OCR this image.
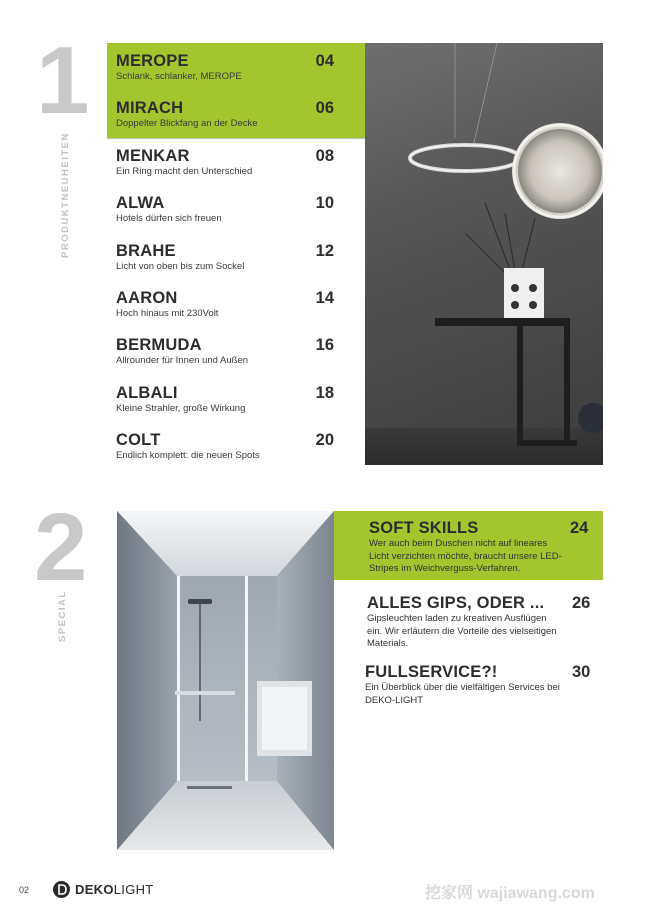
1
PRODUKTNEUHEITEN
MEROPE	04
Schlank, schlanker, MEROPE
MIRACH	06
Doppelter Blickfang an der Decke
MENKAR	08
Ein Ring macht den Unterschied
ALWA	10
Hotels dürfen sich freuen
BRAHE	12
Licht von oben bis zum Sockel
AARON	14
Hoch hinaus mit 230Volt
BERMUDA	16
Allrounder für Innen und Außen
ALBALI	18
Kleine Strahler, große Wirkung
COLT	20
Endlich komplett: die neuen Spots
2
SPECIAL
SOFT SKILLS	24
Wer auch beim Duschen nicht auf lineares
Licht verzichten möchte, braucht unsere LED-
Stripes im Weichverguss-Verfahren.
ALLES GIPS, ODER ... 26
Gipsleuchten laden zu kreativen Ausflügen
ein. Wir erläutern die Vorteile des vielseitigen
Materials.
FULLSERVICE?!	30
Ein Überblick über die vielfältigen Services bei
DEKO-LIGHT
02	DEKOLIGHT	挖家网 wajiawang.com
